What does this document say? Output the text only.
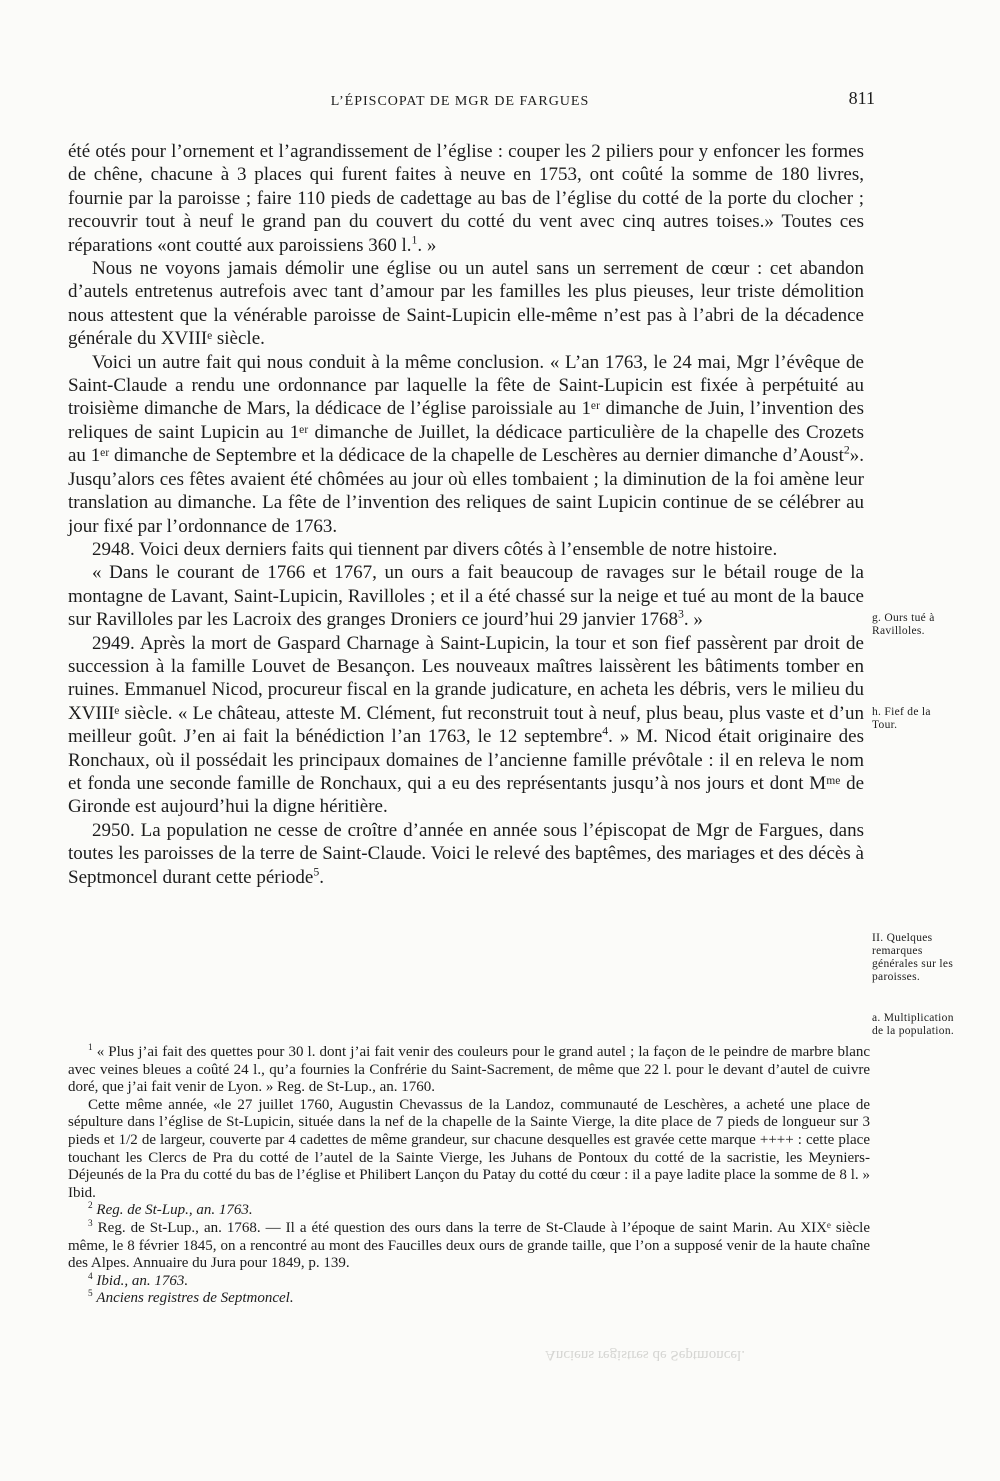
L’ÉPISCOPAT DE MGR DE FARGUES	811

été otés pour l’ornement et l’agrandissement de l’église : couper les 2 piliers pour y enfoncer les formes de chêne, chacune à 3 places qui furent faites à neuve en 1753, ont coûté la somme de 180 livres, fournie par la paroisse ; faire 110 pieds de cadettage au bas de l’église du cotté de la porte du clocher ; recouvrir tout à neuf le grand pan du couvert du cotté du vent avec cinq autres toises.» Toutes ces réparations «ont coutté aux paroissiens 360 l.$^1$. »

Nous ne voyons jamais démolir une église ou un autel sans un serrement de cœur : cet abandon d’autels entretenus autrefois avec tant d’amour par les familles les plus pieuses, leur triste démolition nous attestent que la vénérable paroisse de Saint-Lupicin elle-même n’est pas à l’abri de la décadence générale du XVIIIᵉ siècle.

Voici un autre fait qui nous conduit à la même conclusion. « L’an 1763, le 24 mai, Mgr l’évêque de Saint-Claude a rendu une ordonnance par laquelle la fête de Saint-Lupicin est fixée à perpétuité au troisième dimanche de Mars, la dédicace de l’église paroissiale au 1ᵉʳ dimanche de Juin, l’invention des reliques de saint Lupicin au 1ᵉʳ dimanche de Juillet, la dédicace particulière de la chapelle des Crozets au 1ᵉʳ dimanche de Septembre et la dédicace de la chapelle de Leschères au dernier dimanche d’Aoust$^2$». Jusqu’alors ces fêtes avaient été chômées au jour où elles tombaient ; la diminution de la foi amène leur translation au dimanche. La fête de l’invention des reliques de saint Lupicin continue de se célébrer au jour fixé par l’ordonnance de 1763.

2948. Voici deux derniers faits qui tiennent par divers côtés à l’ensemble de notre histoire.

« Dans le courant de 1766 et 1767, un ours a fait beaucoup de ravages sur le bétail rouge de la montagne de Lavant, Saint-Lupicin, Ravilloles ; et il a été chassé sur la neige et tué au mont de la bauce sur Ravilloles par les Lacroix des granges Droniers ce jourd’hui 29 janvier 1768$^3$. »

2949. Après la mort de Gaspard Charnage à Saint-Lupicin, la tour et son fief passèrent par droit de succession à la famille Louvet de Besançon. Les nouveaux maîtres laissèrent les bâtiments tomber en ruines. Emmanuel Nicod, procureur fiscal en la grande judicature, en acheta les débris, vers le milieu du XVIIIᵉ siècle. « Le château, atteste M. Clément, fut reconstruit tout à neuf, plus beau, plus vaste et d’un meilleur goût. J’en ai fait la bénédiction l’an 1763, le 12 septembre$^4$. » M. Nicod était originaire des Ronchaux, où il possédait les principaux domaines de l’ancienne famille prévôtale : il en releva le nom et fonda une seconde famille de Ronchaux, qui a eu des représentants jusqu’à nos jours et dont Mᵐᵉ de Gironde est aujourd’hui la digne héritière.

2950. La population ne cesse de croître d’année en année sous l’épiscopat de Mgr de Fargues, dans toutes les paroisses de la terre de Saint-Claude. Voici le relevé des baptêmes, des mariages et des décès à Septmoncel durant cette période$^5$.

g. Ours tué à Ravilloles.
h. Fief de la Tour.
II. Quelques remarques générales sur les paroisses.
a. Multiplication de la population.

$^1$ « Plus j’ai fait des quettes pour 30 l. dont j’ai fait venir des couleurs pour le grand autel ; la façon de le peindre de marbre blanc avec veines bleues a coûté 24 l., qu’a fournies la Confrérie du Saint-Sacrement, de même que 22 l. pour le devant d’autel de cuivre doré, que j’ai fait venir de Lyon. » Reg. de St-Lup., an. 1760.

Cette même année, «le 27 juillet 1760, Augustin Chevassus de la Landoz, communauté de Leschères, a acheté une place de sépulture dans l’église de St-Lupicin, située dans la nef de la chapelle de la Sainte Vierge, la dite place de 7 pieds de longueur sur 3 pieds et 1/2 de largeur, couverte par 4 cadettes de même grandeur, sur chacune desquelles est gravée cette marque ++++ : cette place touchant les Clercs de Pra du cotté de l’autel de la Sainte Vierge, les Juhans de Pontoux du cotté de la sacristie, les Meyniers-Déjeunés de la Pra du cotté du bas de l’église et Philibert Lançon du Patay du cotté du cœur : il a paye ladite place la somme de 8 l. » Ibid.

$^2$ Reg. de St-Lup., an. 1763.

$^3$ Reg. de St-Lup., an. 1768. — Il a été question des ours dans la terre de St-Claude à l’époque de saint Marin. Au XIXᵉ siècle même, le 8 février 1845, on a rencontré au mont des Faucilles deux ours de grande taille, que l’on a supposé venir de la haute chaîne des Alpes. Annuaire du Jura pour 1849, p. 139.

$^4$ Ibid., an. 1763.

$^5$ Anciens registres de Septmoncel.

Anciens registres de Septmoncel.
